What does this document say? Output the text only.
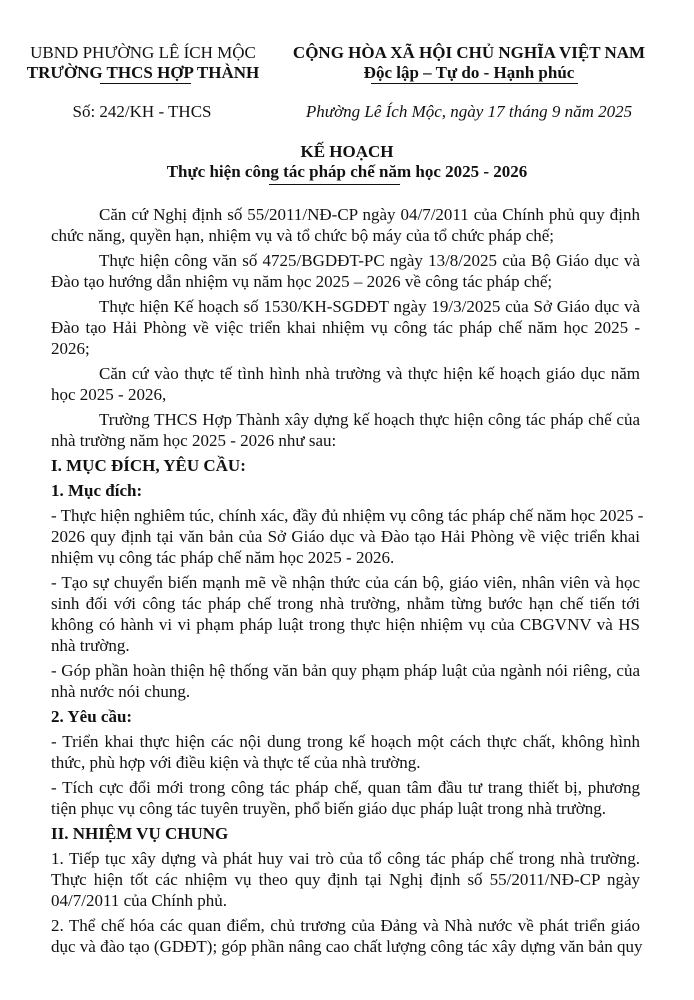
UBND PHƯỜNG LÊ ÍCH MỘC
TRƯỜNG THCS HỢP THÀNH
CỘNG HÒA XÃ HỘI CHỦ NGHĨA VIỆT NAM
Độc lập – Tự do - Hạnh phúc
Số: 242/KH - THCS	Phường Lê Ích Mộc, ngày 17 tháng 9 năm 2025
KẾ HOẠCH
Thực hiện công tác pháp chế năm học 2025 - 2026
Căn cứ Nghị định số 55/2011/NĐ-CP ngày 04/7/2011 của Chính phủ quy định
chức năng, quyền hạn, nhiệm vụ và tổ chức bộ máy của tổ chức pháp chế;
Thực hiện công văn số 4725/BGDĐT-PC ngày 13/8/2025 của Bộ Giáo dục và
Đào tạo hướng dẫn nhiệm vụ năm học 2025 – 2026 về công tác pháp chế;
Thực hiện Kế hoạch số 1530/KH-SGDĐT ngày 19/3/2025 của Sở Giáo dục và
Đào tạo Hải Phòng về việc triển khai nhiệm vụ công tác pháp chế năm học 2025 -
2026;
Căn cứ vào thực tế tình hình nhà trường và thực hiện kế hoạch giáo dục năm
học 2025 - 2026,
Trường THCS Hợp Thành xây dựng kế hoạch thực hiện công tác pháp chế của
nhà trường năm học 2025 - 2026 như sau:
I. MỤC ĐÍCH, YÊU CẦU:
1. Mục đích:
- Thực hiện nghiêm túc, chính xác, đầy đủ nhiệm vụ công tác pháp chế năm học 2025 -
2026 quy định tại văn bản của Sở Giáo dục và Đào tạo Hải Phòng về việc triển khai
nhiệm vụ công tác pháp chế năm học 2025 - 2026.
- Tạo sự chuyển biến mạnh mẽ về nhận thức của cán bộ, giáo viên, nhân viên và học
sinh đối với công tác pháp chế trong nhà trường, nhằm từng bước hạn chế tiến tới
không có hành vi vi phạm pháp luật trong thực hiện nhiệm vụ của CBGVNV và HS
nhà trường.
- Góp phần hoàn thiện hệ thống văn bản quy phạm pháp luật của ngành nói riêng, của
nhà nước nói chung.
2. Yêu cầu:
- Triển khai thực hiện các nội dung trong kế hoạch một cách thực chất, không hình
thức, phù hợp với điều kiện và thực tế của nhà trường.
- Tích cực đổi mới trong công tác pháp chế, quan tâm đầu tư trang thiết bị, phương
tiện phục vụ công tác tuyên truyền, phổ biến giáo dục pháp luật trong nhà trường.
II. NHIỆM VỤ CHUNG
1. Tiếp tục xây dựng và phát huy vai trò của tổ công tác pháp chế trong nhà trường.
Thực hiện tốt các nhiệm vụ theo quy định tại Nghị định số 55/2011/NĐ-CP ngày
04/7/2011 của Chính phủ.
2. Thể chế hóa các quan điểm, chủ trương của Đảng và Nhà nước về phát triển giáo
dục và đào tạo (GDĐT); góp phần nâng cao chất lượng công tác xây dựng văn bản quy
